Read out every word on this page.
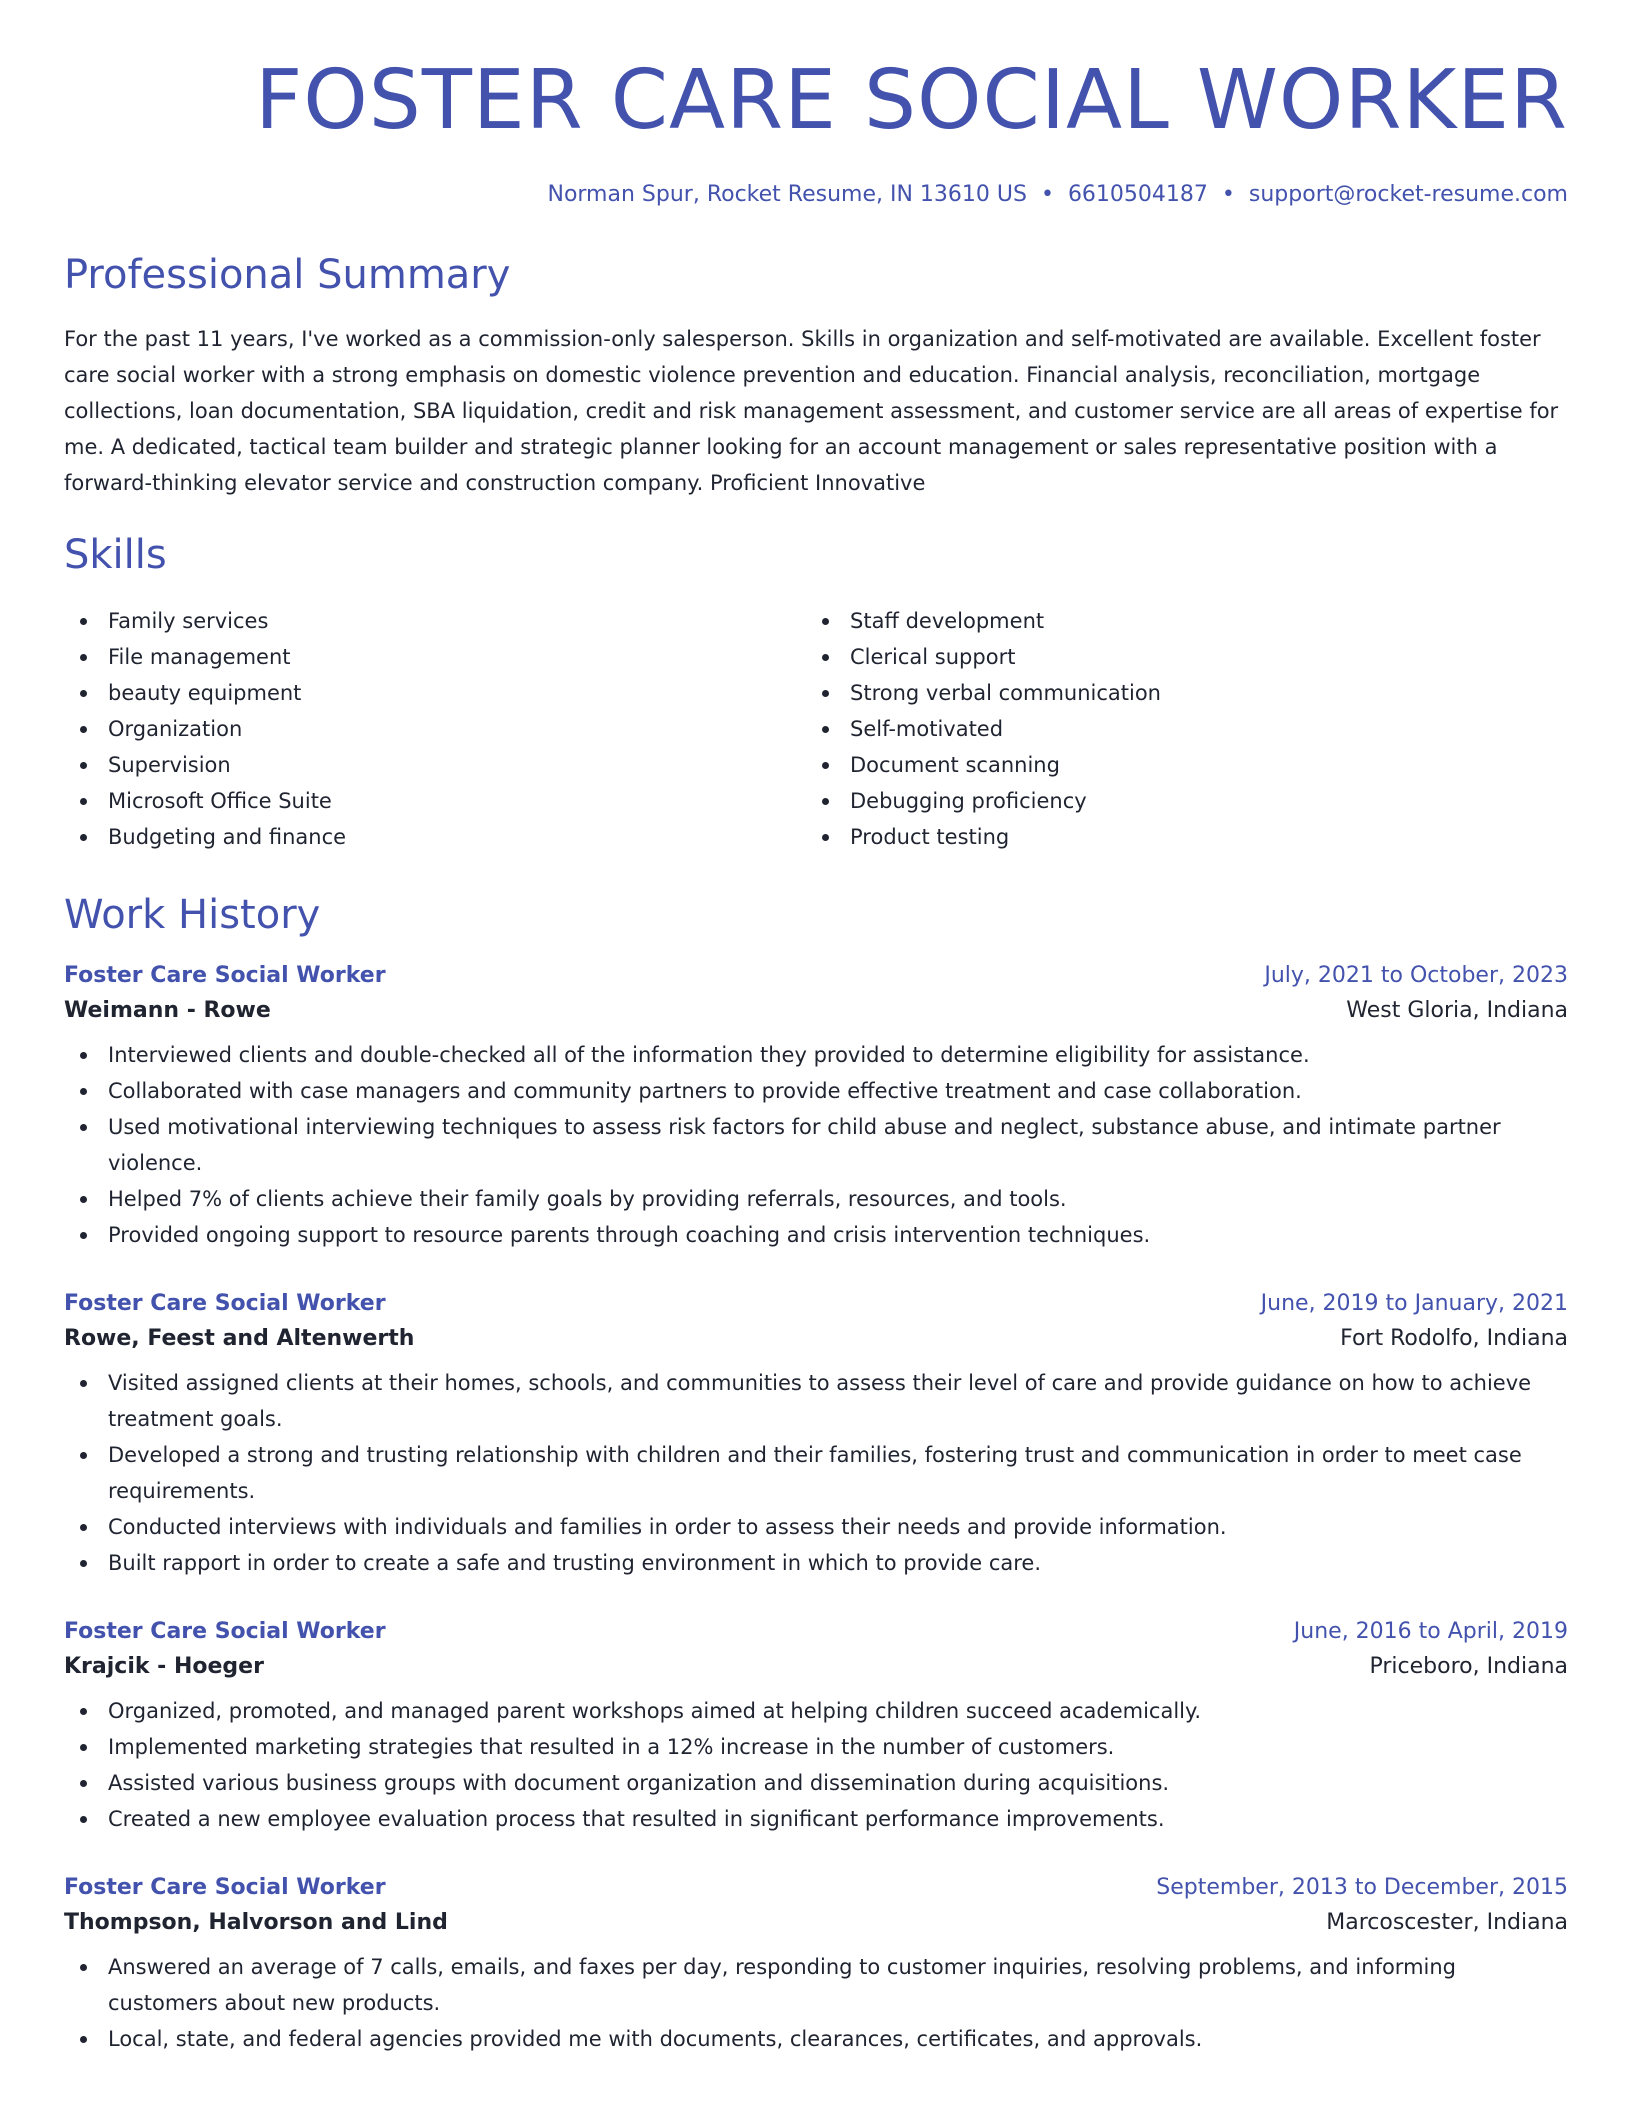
FOSTER CARE SOCIAL WORKER
Norman Spur, Rocket Resume, IN 13610 US • 6610504187 • support@rocket-resume.com
Professional Summary
For the past 11 years, I've worked as a commission-only salesperson. Skills in organization and self-motivated are available. Excellent foster care social worker with a strong emphasis on domestic violence prevention and education. Financial analysis, reconciliation, mortgage collections, loan documentation, SBA liquidation, credit and risk management assessment, and customer service are all areas of expertise for me. A dedicated, tactical team builder and strategic planner looking for an account management or sales representative position with a forward-thinking elevator service and construction company. Proficient Innovative
Skills
Family services
File management
beauty equipment
Organization
Supervision
Microsoft Office Suite
Budgeting and finance
Staff development
Clerical support
Strong verbal communication
Self-motivated
Document scanning
Debugging proficiency
Product testing
Work History
Foster Care Social Worker	July, 2021 to October, 2023
Weimann - Rowe	West Gloria, Indiana
Interviewed clients and double-checked all of the information they provided to determine eligibility for assistance.
Collaborated with case managers and community partners to provide effective treatment and case collaboration.
Used motivational interviewing techniques to assess risk factors for child abuse and neglect, substance abuse, and intimate partner violence.
Helped 7% of clients achieve their family goals by providing referrals, resources, and tools.
Provided ongoing support to resource parents through coaching and crisis intervention techniques.
Foster Care Social Worker	June, 2019 to January, 2021
Rowe, Feest and Altenwerth	Fort Rodolfo, Indiana
Visited assigned clients at their homes, schools, and communities to assess their level of care and provide guidance on how to achieve treatment goals.
Developed a strong and trusting relationship with children and their families, fostering trust and communication in order to meet case requirements.
Conducted interviews with individuals and families in order to assess their needs and provide information.
Built rapport in order to create a safe and trusting environment in which to provide care.
Foster Care Social Worker	June, 2016 to April, 2019
Krajcik - Hoeger	Priceboro, Indiana
Organized, promoted, and managed parent workshops aimed at helping children succeed academically.
Implemented marketing strategies that resulted in a 12% increase in the number of customers.
Assisted various business groups with document organization and dissemination during acquisitions.
Created a new employee evaluation process that resulted in significant performance improvements.
Foster Care Social Worker	September, 2013 to December, 2015
Thompson, Halvorson and Lind	Marcoscester, Indiana
Answered an average of 7 calls, emails, and faxes per day, responding to customer inquiries, resolving problems, and informing customers about new products.
Local, state, and federal agencies provided me with documents, clearances, certificates, and approvals.
